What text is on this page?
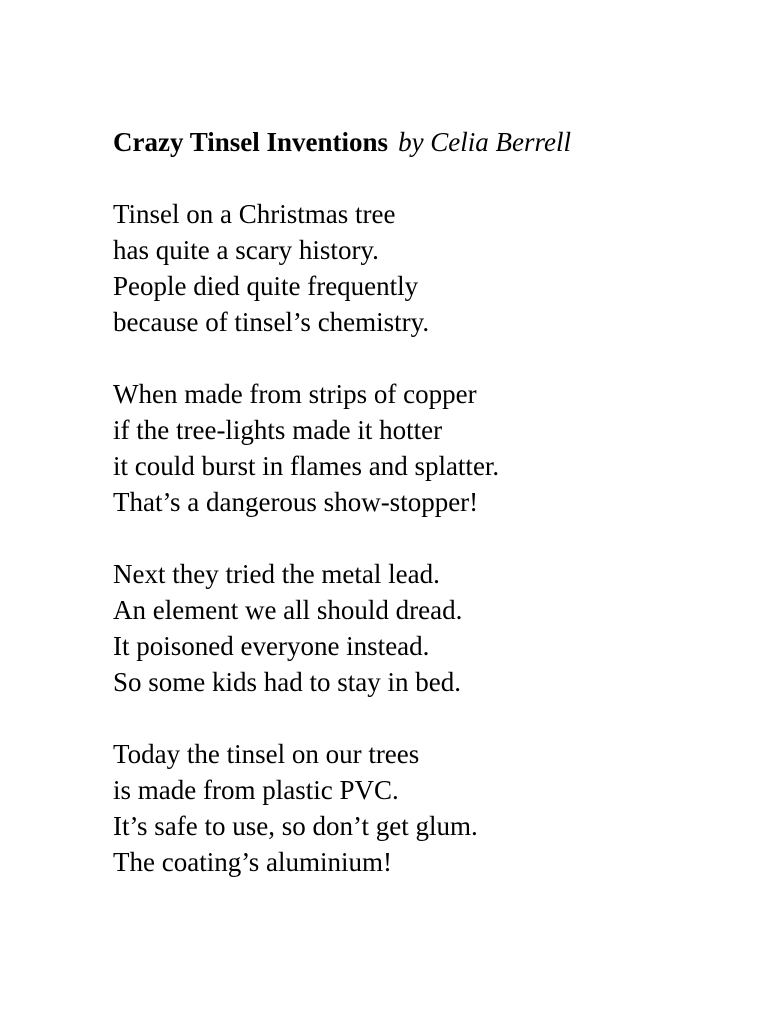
Crazy Tinsel Inventions by Celia Berrell

Tinsel on a Christmas tree
has quite a scary history.
People died quite frequently
because of tinsel’s chemistry.
When made from strips of copper
if the tree-lights made it hotter
it could burst in flames and splatter.
That’s a dangerous show-stopper!
Next they tried the metal lead.
An element we all should dread.
It poisoned everyone instead.
So some kids had to stay in bed.
Today the tinsel on our trees
is made from plastic PVC.
It’s safe to use, so don’t get glum.
The coating’s aluminium!
